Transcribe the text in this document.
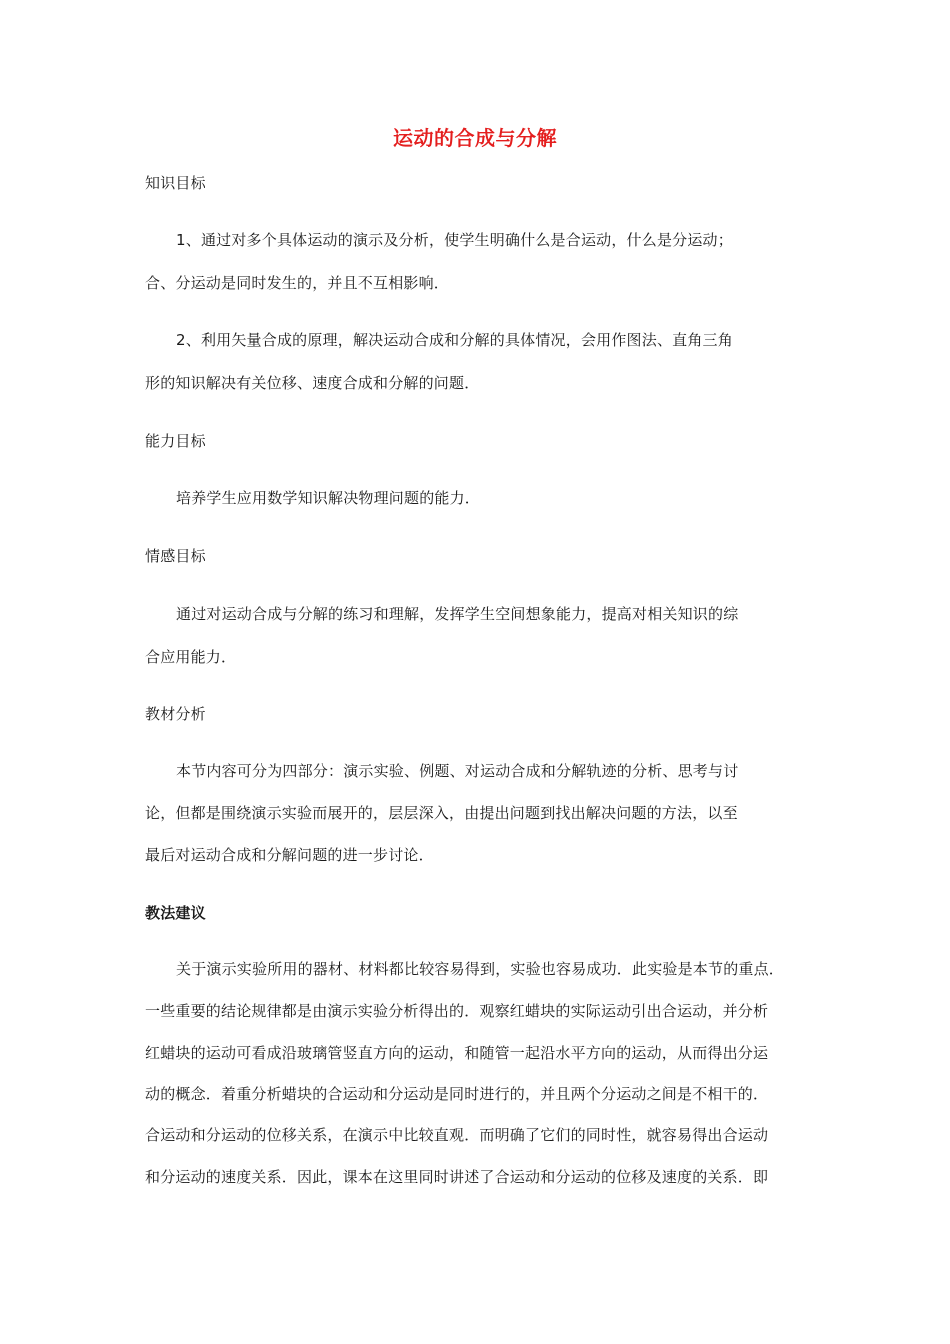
运动的合成与分解
知识目标
1、通过对多个具体运动的演示及分析，使学生明确什么是合运动，什么是分运动；
合、分运动是同时发生的，并且不互相影响．
2、利用矢量合成的原理，解决运动合成和分解的具体情况，会用作图法、直角三角
形的知识解决有关位移、速度合成和分解的问题．
能力目标
培养学生应用数学知识解决物理问题的能力．
情感目标
通过对运动合成与分解的练习和理解，发挥学生空间想象能力，提高对相关知识的综
合应用能力．
教材分析
本节内容可分为四部分：演示实验、例题、对运动合成和分解轨迹的分析、思考与讨
论，但都是围绕演示实验而展开的，层层深入，由提出问题到找出解决问题的方法，以至
最后对运动合成和分解问题的进一步讨论．
教法建议
关于演示实验所用的器材、材料都比较容易得到，实验也容易成功．此实验是本节的重点．
一些重要的结论规律都是由演示实验分析得出的．观察红蜡块的实际运动引出合运动，并分析
红蜡块的运动可看成沿玻璃管竖直方向的运动，和随管一起沿水平方向的运动，从而得出分运
动的概念．着重分析蜡块的合运动和分运动是同时进行的，并且两个分运动之间是不相干的．
合运动和分运动的位移关系，在演示中比较直观．而明确了它们的同时性，就容易得出合运动
和分运动的速度关系．因此，课本在这里同时讲述了合运动和分运动的位移及速度的关系．即
